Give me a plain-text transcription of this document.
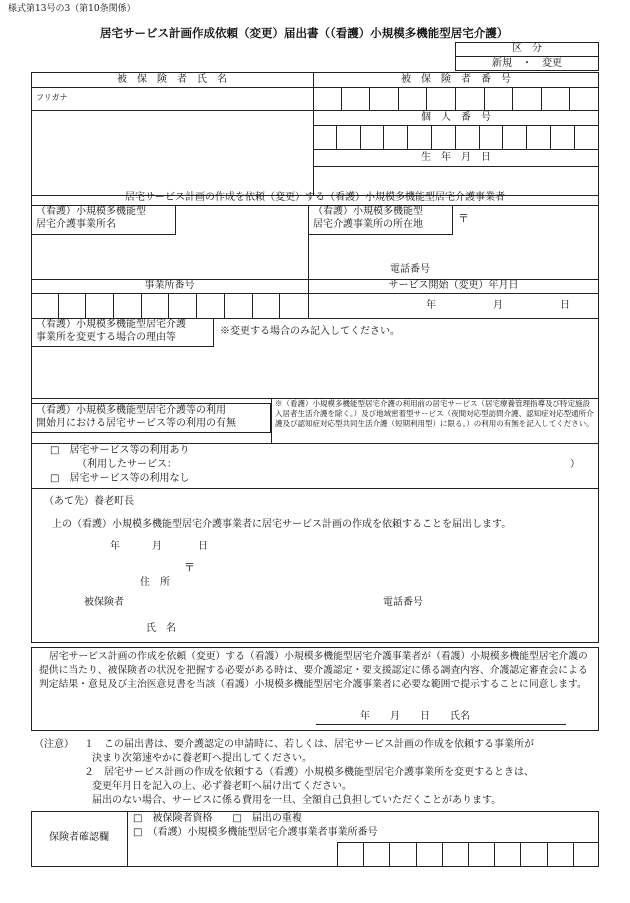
様式第13号の3（第10条関係）
居宅サービス計画作成依頼（変更）届出書（（看護）小規模多機能型居宅介護）
区　分
新規　・　変更
被　保　険　者　氏　名	被　保　険　者　番　号
フリガナ
個　人　番　号
生　年　月　日
居宅サービス計画の作成を依頼（変更）する（看護）小規模多機能型居宅介護事業者
（看護）小規模多機能型
居宅介護事業所名
（看護）小規模多機能型
居宅介護事業所の所在地	〒
電話番号
事業所番号	サービス開始（変更）年月日
年	月	日
（看護）小規模多機能型居宅介護
事業所を変更する場合の理由等	※変更する場合のみ記入してください。
（看護）小規模多機能型居宅介護等の利用
開始月における居宅サービス等の利用の有無
※（看護）小規模多機能型居宅介護の利用前の居宅サービス（居宅療養管理指導及び特定施設入居者生活介護を除く。）及び地域密着型サービス（夜間対応型訪問介護、認知症対応型通所介護及び認知症対応型共同生活介護（短期利用型）に限る。）の利用の有無を記入してください。
□　居宅サービス等の利用あり
（利用したサービス：	）
□　居宅サービス等の利用なし
（あて先）養老町長
上の（看護）小規模多機能型居宅介護事業者に居宅サービス計画の作成を依頼することを届出します。
年	月	日
〒
住　所
被保険者	電話番号
氏　名
居宅サービス計画の作成を依頼（変更）する（看護）小規模多機能型居宅介護事業者が（看護）小規模多機能型居宅介護の提供に当たり、被保険者の状況を把握する必要がある時は、要介護認定・要支援認定に係る調査内容、介護認定審査会による判定結果・意見及び主治医意見書を当該（看護）小規模多機能型居宅介護事業者に必要な範囲で提示することに同意します。
年　　月　　日　　氏名
（注意） １ この届出書は、要介護認定の申請時に、若しくは、居宅サービス計画の作成を依頼する事業所が
決まり次第速やかに養老町へ提出してください。
２ 居宅サービス計画の作成を依頼する（看護）小規模多機能型居宅介護事業所を変更するときは、
変更年月日を記入の上、必ず養老町へ届け出てください。
届出のない場合、サービスに係る費用を一旦、全額自己負担していただくことがあります。
保険者確認欄
□　被保険者資格　　□　届出の重複
□　（看護）小規模多機能型居宅介護事業者事業所番号
